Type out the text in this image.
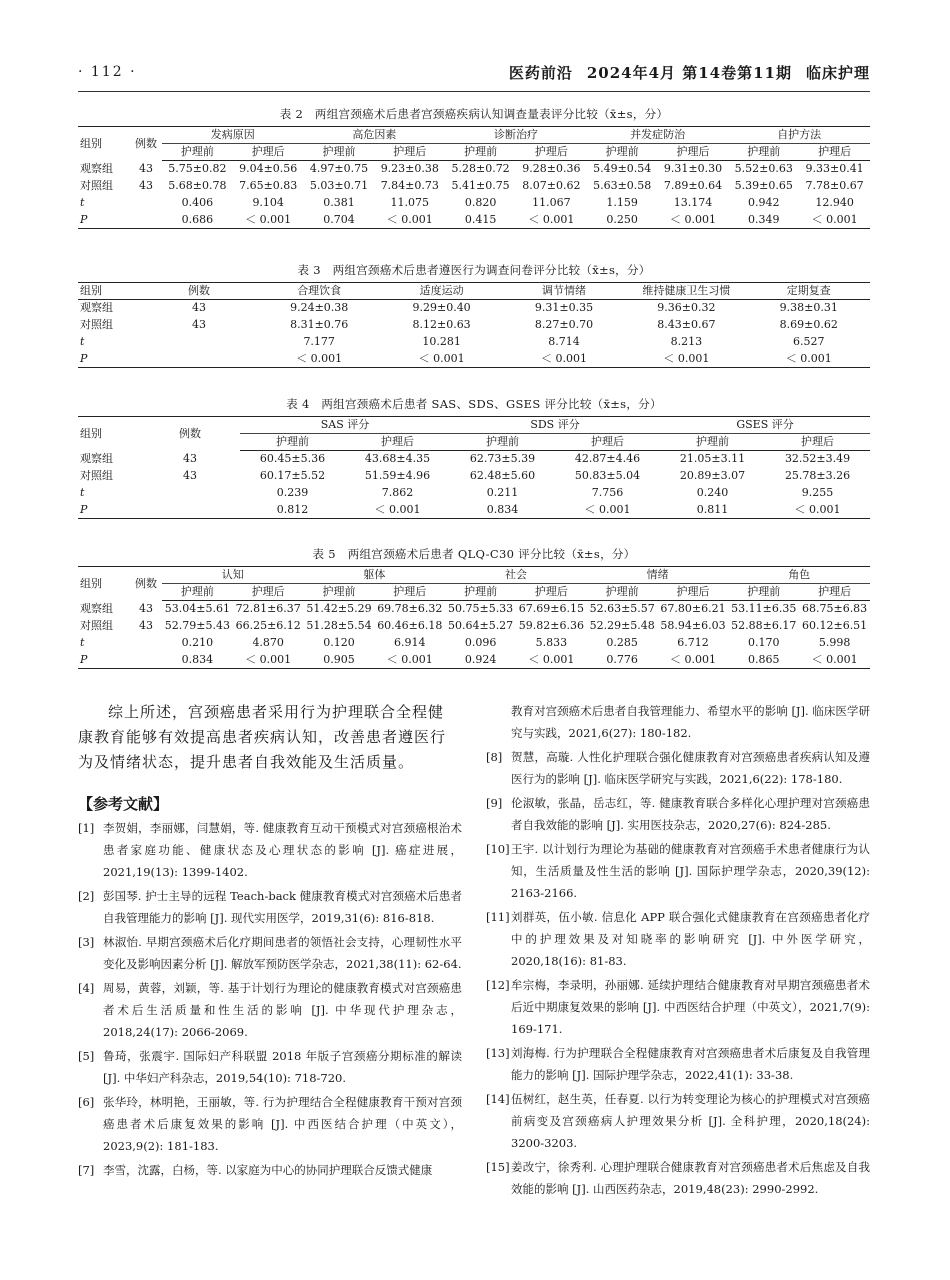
· 112 ·	医药前沿 2024年4月 第14卷第11期 临床护理
表 2　两组宫颈癌术后患者宫颈癌疾病认知调查量表评分比较（x̄±s，分）
组别	例数	发病原因		高危因素		诊断治疗		并发症防治		自护方法	
		护理前	护理后	护理前	护理后	护理前	护理后	护理前	护理后	护理前	护理后
观察组	43	5.75±0.82	9.04±0.56	4.97±0.75	9.23±0.38	5.28±0.72	9.28±0.36	5.49±0.54	9.31±0.30	5.52±0.63	9.33±0.41
对照组	43	5.68±0.78	7.65±0.83	5.03±0.71	7.84±0.73	5.41±0.75	8.07±0.62	5.63±0.58	7.89±0.64	5.39±0.65	7.78±0.67
t		0.406	9.104	0.381	11.075	0.820	11.067	1.159	13.174	0.942	12.940
P		0.686	＜ 0.001	0.704	＜ 0.001	0.415	＜ 0.001	0.250	＜ 0.001	0.349	＜ 0.001
表 3　两组宫颈癌术后患者遵医行为调查问卷评分比较（x̄±s，分）
组别	例数	合理饮食	适度运动	调节情绪	维持健康卫生习惯	定期复查
观察组	43	9.24±0.38	9.29±0.40	9.31±0.35	9.36±0.32	9.38±0.31
对照组	43	8.31±0.76	8.12±0.63	8.27±0.70	8.43±0.67	8.69±0.62
t		7.177	10.281	8.714	8.213	6.527
P		＜ 0.001	＜ 0.001	＜ 0.001	＜ 0.001	＜ 0.001
表 4　两组宫颈癌术后患者 SAS、SDS、GSES 评分比较（x̄±s，分）
组别	例数	SAS 评分		SDS 评分		GSES 评分	
		护理前	护理后	护理前	护理后	护理前	护理后
观察组	43	60.45±5.36	43.68±4.35	62.73±5.39	42.87±4.46	21.05±3.11	32.52±3.49
对照组	43	60.17±5.52	51.59±4.96	62.48±5.60	50.83±5.04	20.89±3.07	25.78±3.26
t		0.239	7.862	0.211	7.756	0.240	9.255
P		0.812	＜ 0.001	0.834	＜ 0.001	0.811	＜ 0.001
表 5　两组宫颈癌术后患者 QLQ-C30 评分比较（x̄±s，分）
组别	例数	认知		躯体		社会		情绪		角色	
		护理前	护理后	护理前	护理后	护理前	护理后	护理前	护理后	护理前	护理后
观察组	43	53.04±5.61	72.81±6.37	51.42±5.29	69.78±6.32	50.75±5.33	67.69±6.15	52.63±5.57	67.80±6.21	53.11±6.35	68.75±6.83
对照组	43	52.79±5.43	66.25±6.12	51.28±5.54	60.46±6.18	50.64±5.27	59.82±6.36	52.29±5.48	58.94±6.03	52.88±6.17	60.12±6.51
t		0.210	4.870	0.120	6.914	0.096	5.833	0.285	6.712	0.170	5.998
P		0.834	＜ 0.001	0.905	＜ 0.001	0.924	＜ 0.001	0.776	＜ 0.001	0.865	＜ 0.001

综上所述，宫颈癌患者采用行为护理联合全程健康教育能够有效提高患者疾病认知，改善患者遵医行为及情绪状态，提升患者自我效能及生活质量。

【参考文献】
[1] 李贺娟，李丽娜，闫慧娟，等. 健康教育互动干预模式对宫颈癌根治术患者家庭功能、健康状态及心理状态的影响 [J]. 癌症进展，2021,19(13): 1399-1402.
[2] 彭国琴. 护士主导的远程 Teach-back 健康教育模式对宫颈癌术后患者自我管理能力的影响 [J]. 现代实用医学，2019,31(6): 816-818.
[3] 林淑怡. 早期宫颈癌术后化疗期间患者的领悟社会支持，心理韧性水平变化及影响因素分析 [J]. 解放军预防医学杂志，2021,38(11): 62-64.
[4] 周易，黄蓉，刘颖，等. 基于计划行为理论的健康教育模式对宫颈癌患者术后生活质量和性生活的影响 [J]. 中华现代护理杂志，2018,24(17): 2066-2069.
[5] 鲁琦，张震宇. 国际妇产科联盟 2018 年版子宫颈癌分期标准的解读 [J]. 中华妇产科杂志，2019,54(10): 718-720.
[6] 张华玲，林明艳，王丽敏，等. 行为护理结合全程健康教育干预对宫颈癌患者术后康复效果的影响 [J]. 中西医结合护理（中英文），2023,9(2): 181-183.
[7] 李雪，沈露，白杨，等. 以家庭为中心的协同护理联合反馈式健康
教育对宫颈癌术后患者自我管理能力、希望水平的影响 [J]. 临床医学研究与实践，2021,6(27): 180-182.
[8] 贺慧，高璇. 人性化护理联合强化健康教育对宫颈癌患者疾病认知及遵医行为的影响 [J]. 临床医学研究与实践，2021,6(22): 178-180.
[9] 伦淑敏，张晶，岳志红，等. 健康教育联合多样化心理护理对宫颈癌患者自我效能的影响 [J]. 实用医技杂志，2020,27(6): 824-285.
[10] 王宇. 以计划行为理论为基础的健康教育对宫颈癌手术患者健康行为认知，生活质量及性生活的影响 [J]. 国际护理学杂志，2020,39(12): 2163-2166.
[11] 刘群英，伍小敏. 信息化 APP 联合强化式健康教育在宫颈癌患者化疗中的护理效果及对知晓率的影响研究 [J]. 中外医学研究，2020,18(16): 81-83.
[12] 牟宗梅，李录明，孙丽娜. 延续护理结合健康教育对早期宫颈癌患者术后近中期康复效果的影响 [J]. 中西医结合护理（中英文），2021,7(9): 169-171.
[13] 刘海梅. 行为护理联合全程健康教育对宫颈癌患者术后康复及自我管理能力的影响 [J]. 国际护理学杂志，2022,41(1): 33-38.
[14] 伍树红，赵生英，任春夏. 以行为转变理论为核心的护理模式对宫颈癌前病变及宫颈癌病人护理效果分析 [J]. 全科护理，2020,18(24): 3200-3203.
[15] 姜改宁，徐秀利. 心理护理联合健康教育对宫颈癌患者术后焦虑及自我效能的影响 [J]. 山西医药杂志，2019,48(23): 2990-2992.
